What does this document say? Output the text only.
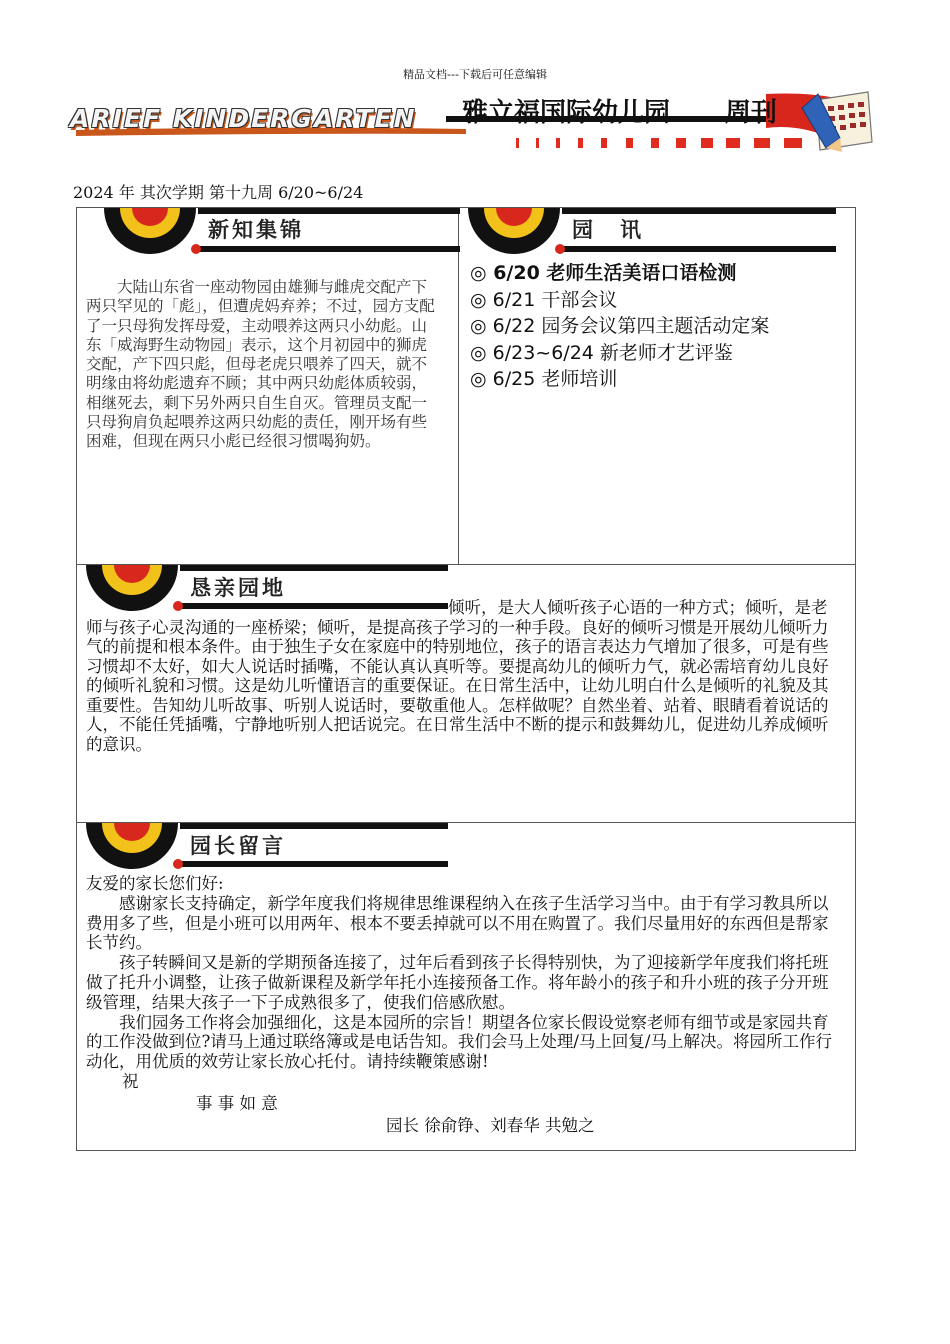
精品文档---下载后可任意编辑
ARIEF KINDERGARTEN 雅立福国际幼儿园 周刊
2024 年 其次学期 第十九周 6/20~6/24
新知集锦
　　大陆山东省一座动物园由雄狮与雌虎交配产下两只罕见的「彪」，但遭虎妈弃养；不过，园方支配了一只母狗发挥母爱，主动喂养这两只小幼彪。山东「威海野生动物园」表示，这个月初园中的狮虎交配，产下四只彪，但母老虎只喂养了四天，就不明缘由将幼彪遗弃不顾；其中两只幼彪体质较弱，相继死去，剩下另外两只自生自灭。管理员支配一只母狗肩负起喂养这两只幼彪的责任，刚开场有些困难，但现在两只小彪已经很习惯喝狗奶。
园　讯
◎ 6/20 老师生活美语口语检测
◎ 6/21 干部会议
◎ 6/22 园务会议第四主题活动定案
◎ 6/23~6/24 新老师才艺评鉴
◎ 6/25 老师培训
恳亲园地
倾听，是大人倾听孩子心语的一种方式；倾听，是老师与孩子心灵沟通的一座桥梁；倾听，是提高孩子学习的一种手段。良好的倾听习惯是开展幼儿倾听力气的前提和根本条件。由于独生子女在家庭中的特别地位，孩子的语言表达力气增加了很多，可是有些习惯却不太好，如大人说话时插嘴，不能认真认真听等。要提高幼儿的倾听力气，就必需培育幼儿良好的倾听礼貌和习惯。这是幼儿听懂语言的重要保证。在日常生活中，让幼儿明白什么是倾听的礼貌及其重要性。告知幼儿听故事、听别人说话时，要敬重他人。怎样做呢？自然坐着、站着、眼睛看着说话的人，不能任凭插嘴，宁静地听别人把话说完。在日常生活中不断的提示和鼓舞幼儿，促进幼儿养成倾听的意识。
园长留言
友爱的家长您们好:
　　感谢家长支持确定，新学年度我们将规律思维课程纳入在孩子生活学习当中。由于有学习教具所以费用多了些，但是小班可以用两年、根本不要丢掉就可以不用在购置了。我们尽量用好的东西但是帮家长节约。
　　孩子转瞬间又是新的学期预备连接了，过年后看到孩子长得特别快，为了迎接新学年度我们将托班做了托升小调整，让孩子做新课程及新学年托小连接预备工作。将年龄小的孩子和升小班的孩子分开班级管理，结果大孩子一下子成熟很多了，使我们倍感欣慰。
　　我们园务工作将会加强细化，这是本园所的宗旨！期望各位家长假设觉察老师有细节或是家园共育的工作没做到位?请马上通过联络簿或是电话告知。我们会马上处理/马上回复/马上解决。将园所工作行动化，用优质的效劳让家长放心托付。请持续鞭策感谢!
祝
事 事 如 意
园长 徐俞铮、刘春华 共勉之
